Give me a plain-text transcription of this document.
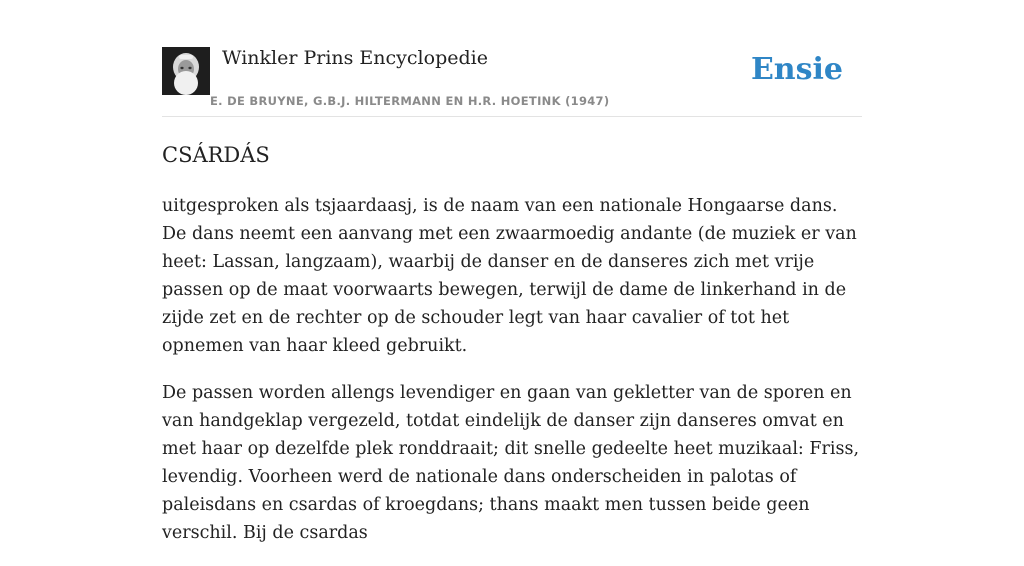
Winkler Prins Encyclopedie
E. DE BRUYNE, G.B.J. HILTERMANN EN H.R. HOETINK (1947)
Ensie
CSÁRDÁS

uitgesproken als tsjaardaasj, is de naam van een nationale Hongaarse dans. De dans neemt een aanvang met een zwaarmoedig andante (de muziek er van heet: Lassan, langzaam), waarbij de danser en de danseres zich met vrije passen op de maat voorwaarts bewegen, terwijl de dame de linkerhand in de zijde zet en de rechter op de schouder legt van haar cavalier of tot het opnemen van haar kleed gebruikt.

De passen worden allengs levendiger en gaan van gekletter van de sporen en van handgeklap vergezeld, totdat eindelijk de danser zijn danseres omvat en met haar op dezelfde plek ronddraait; dit snelle gedeelte heet muzikaal: Friss, levendig. Voorheen werd de nationale dans onderscheiden in palotas of paleisdans en csardas of kroegdans; thans maakt men tussen beide geen verschil. Bij de csardas
